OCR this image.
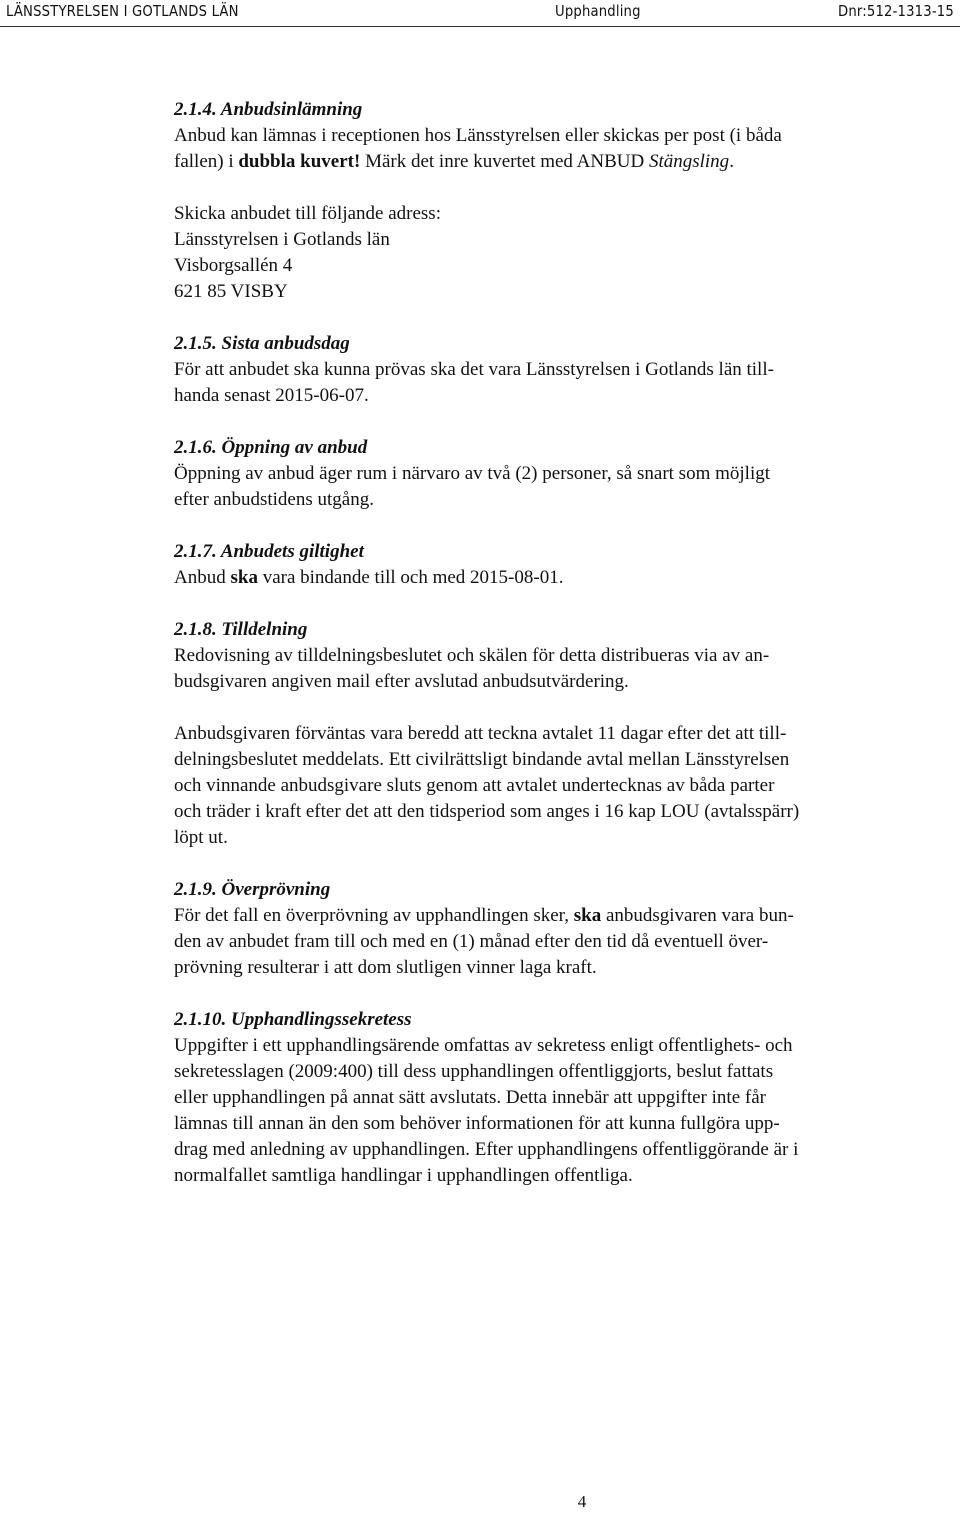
LÄNSSTYRELSEN I GOTLANDS LÄN	Upphandling	Dnr:512-1313-15
2.1.4. Anbudsinlämning

Anbud kan lämnas i receptionen hos Länsstyrelsen eller skickas per post (i båda

fallen) i dubbla kuvert! Märk det inre kuvertet med ANBUD Stängsling.

Skicka anbudet till följande adress:

Länsstyrelsen i Gotlands län

Visborgsallén 4

621 85 VISBY

2.1.5. Sista anbudsdag

För att anbudet ska kunna prövas ska det vara Länsstyrelsen i Gotlands län till-

handa senast 2015-06-07.

2.1.6. Öppning av anbud

Öppning av anbud äger rum i närvaro av två (2) personer, så snart som möjligt

efter anbudstidens utgång.

2.1.7. Anbudets giltighet

Anbud ska vara bindande till och med 2015-08-01.

2.1.8. Tilldelning

Redovisning av tilldelningsbeslutet och skälen för detta distribueras via av an-

budsgivaren angiven mail efter avslutad anbudsutvärdering.

Anbudsgivaren förväntas vara beredd att teckna avtalet 11 dagar efter det att till-

delningsbeslutet meddelats. Ett civilrättsligt bindande avtal mellan Länsstyrelsen

och vinnande anbudsgivare sluts genom att avtalet undertecknas av båda parter

och träder i kraft efter det att den tidsperiod som anges i 16 kap LOU (avtalsspärr)

löpt ut.

2.1.9. Överprövning

För det fall en överprövning av upphandlingen sker, ska anbudsgivaren vara bun-

den av anbudet fram till och med en (1) månad efter den tid då eventuell över-

prövning resulterar i att dom slutligen vinner laga kraft.

2.1.10. Upphandlingssekretess

Uppgifter i ett upphandlingsärende omfattas av sekretess enligt offentlighets- och

sekretesslagen (2009:400) till dess upphandlingen offentliggjorts, beslut fattats

eller upphandlingen på annat sätt avslutats. Detta innebär att uppgifter inte får

lämnas till annan än den som behöver informationen för att kunna fullgöra upp-

drag med anledning av upphandlingen. Efter upphandlingens offentliggörande är i

normalfallet samtliga handlingar i upphandlingen offentliga.

4
